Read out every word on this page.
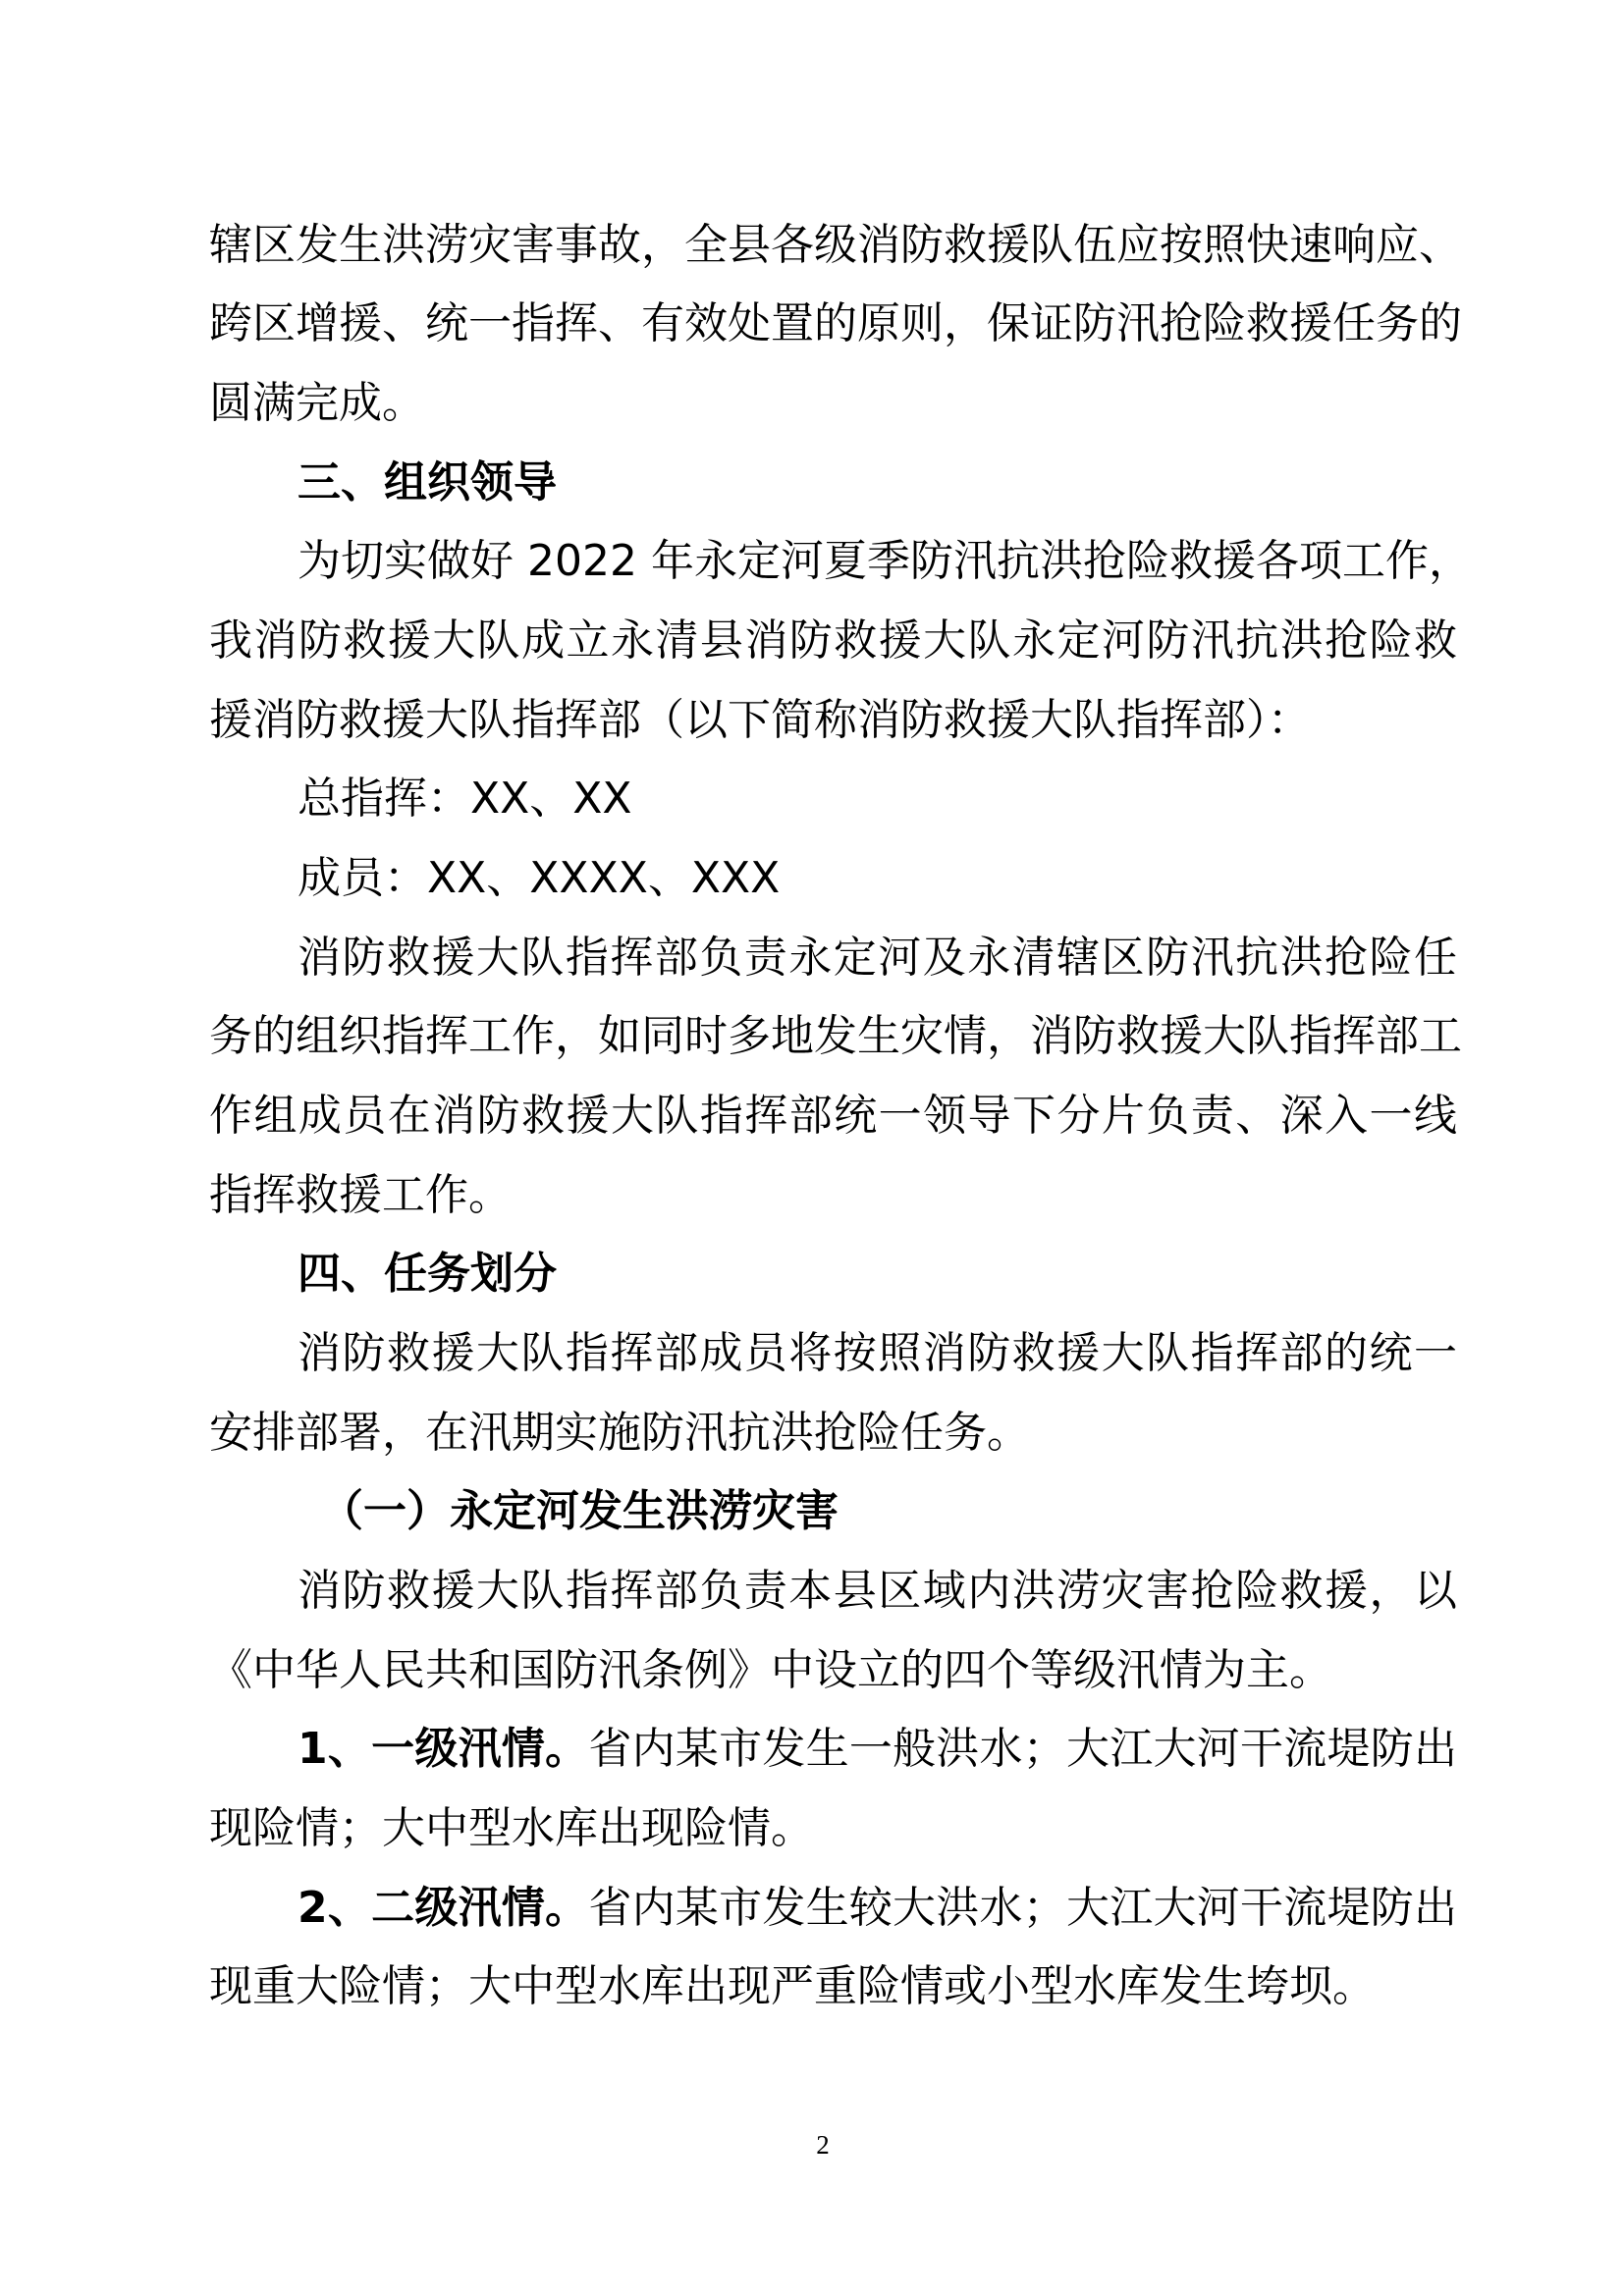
辖区发生洪涝灾害事故，全县各级消防救援队伍应按照快速响应、
跨区增援、统一指挥、有效处置的原则，保证防汛抢险救援任务的
圆满完成。
三、组织领导
为切实做好 2022 年永定河夏季防汛抗洪抢险救援各项工作，
我消防救援大队成立永清县消防救援大队永定河防汛抗洪抢险救
援消防救援大队指挥部（以下简称消防救援大队指挥部）：
总指挥：XX、XX
成员：XX、XXXX、XXX
消防救援大队指挥部负责永定河及永清辖区防汛抗洪抢险任
务的组织指挥工作，如同时多地发生灾情，消防救援大队指挥部工
作组成员在消防救援大队指挥部统一领导下分片负责、深入一线
指挥救援工作。
四、任务划分
消防救援大队指挥部成员将按照消防救援大队指挥部的统一
安排部署，在汛期实施防汛抗洪抢险任务。
（一）永定河发生洪涝灾害
消防救援大队指挥部负责本县区域内洪涝灾害抢险救援，以
《中华人民共和国防汛条例》中设立的四个等级汛情为主。
1、一级汛情。省内某市发生一般洪水；大江大河干流堤防出
现险情；大中型水库出现险情。
2、二级汛情。省内某市发生较大洪水；大江大河干流堤防出
现重大险情；大中型水库出现严重险情或小型水库发生垮坝。
2
